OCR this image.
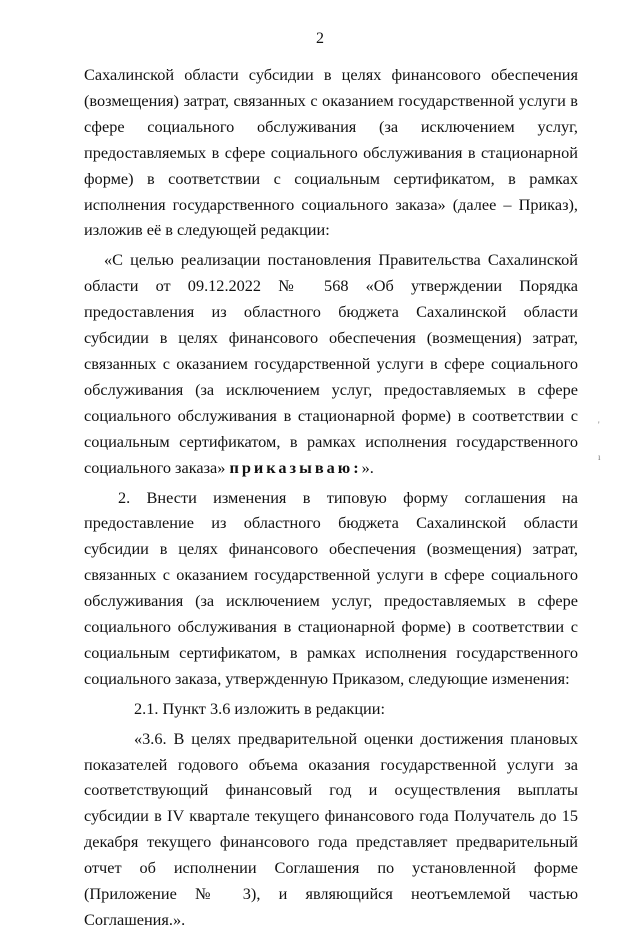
2

Сахалинской области субсидии в целях финансового обеспечения (возмещения) затрат, связанных с оказанием государственной услуги в сфере социального обслуживания (за исключением услуг, предоставляемых в сфере социального обслуживания в стационарной форме) в соответствии с социальным сертификатом, в рамках исполнения государственного социального заказа» (далее – Приказ), изложив её в следующей редакции:

«С целью реализации постановления Правительства Сахалинской области от 09.12.2022 № 568 «Об утверждении Порядка предоставления из областного бюджета Сахалинской области субсидии в целях финансового обеспечения (возмещения) затрат, связанных с оказанием государственной услуги в сфере социального обслуживания (за исключением услуг, предоставляемых в сфере социального обслуживания в стационарной форме) в соответствии с социальным сертификатом, в рамках исполнения государственного социального заказа» приказываю:».

2. Внести изменения в типовую форму соглашения на предоставление из областного бюджета Сахалинской области субсидии в целях финансового обеспечения (возмещения) затрат, связанных с оказанием государственной услуги в сфере социального обслуживания (за исключением услуг, предоставляемых в сфере социального обслуживания в стационарной форме) в соответствии с социальным сертификатом, в рамках исполнения государственного социального заказа, утвержденную Приказом, следующие изменения:

2.1. Пункт 3.6 изложить в редакции:

«3.6. В целях предварительной оценки достижения плановых показателей годового объема оказания государственной услуги за соответствующий финансовый год и осуществления выплаты субсидии в IV квартале текущего финансового года Получатель до 15 декабря текущего финансового года представляет предварительный отчет об исполнении Соглашения по установленной форме (Приложение № 3), и являющийся неотъемлемой частью Соглашения.».

'
ı
